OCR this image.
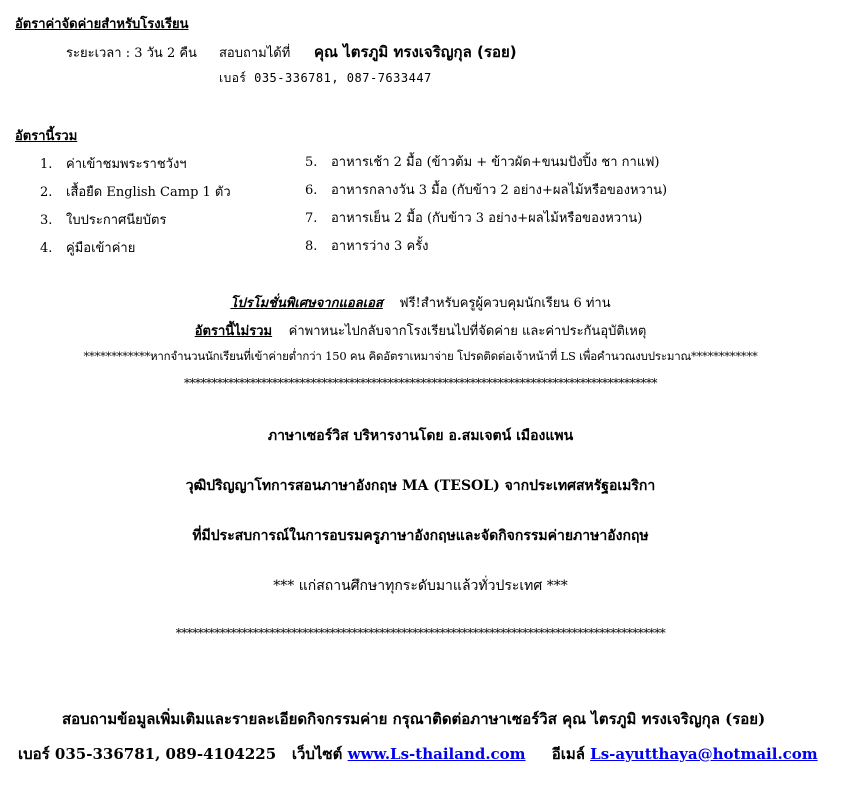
อัตราค่าจัดค่ายสำหรับโรงเรียน
ระยะเวลา : 3 วัน 2 คืน สอบถามได้ที่ คุณ ไตรภูมิ ทรงเจริญกุล (รอย)
เบอร์ 035-336781, 087-7633447
อัตรานี้รวม
1. ค่าเข้าชมพระราชวังฯ
2. เสื้อยืด English Camp 1 ตัว
3. ใบประกาศนียบัตร
4. คู่มือเข้าค่าย
5. อาหารเช้า 2 มื้อ (ข้าวต้ม + ข้าวผัด+ขนมปังปิ้ง ชา กาแฟ)
6. อาหารกลางวัน 3 มื้อ (กับข้าว 2 อย่าง+ผลไม้หรือของหวาน)
7. อาหารเย็น 2 มื้อ (กับข้าว 3 อย่าง+ผลไม้หรือของหวาน)
8. อาหารว่าง 3 ครั้ง
โปรโมชั่นพิเศษจากแอลเอส ฟรี!สำหรับครูผู้ควบคุมนักเรียน 6 ท่าน
อัตรานี้ไม่รวม ค่าพาหนะไปกลับจากโรงเรียนไปที่จัดค่าย และค่าประกันอุบัติเหตุ
************หากจำนวนนักเรียนที่เข้าค่ายต่ำกว่า 150 คน คิดอัตราเหมาจ่าย โปรดติดต่อเจ้าหน้าที่ LS เพื่อคำนวณงบประมาณ************
**************************************************************************************
ภาษาเซอร์วิส บริหารงานโดย อ.สมเจตน์ เมืองแพน
วุฒิปริญญาโทการสอนภาษาอังกฤษ MA (TESOL) จากประเทศสหรัฐอเมริกา
ที่มีประสบการณ์ในการอบรมครูภาษาอังกฤษและจัดกิจกรรมค่ายภาษาอังกฤษ
*** แก่สถานศึกษาทุกระดับมาแล้วทั่วประเทศ ***
*****************************************************************************************
สอบถามข้อมูลเพิ่มเติมและรายละเอียดกิจกรรมค่าย กรุณาติดต่อภาษาเซอร์วิส คุณ ไตรภูมิ ทรงเจริญกุล (รอย)
เบอร์ 035-336781, 089-4104225 เว็บไซต์ www.Ls-thailand.com อีเมล์ Ls-ayutthaya@hotmail.com
